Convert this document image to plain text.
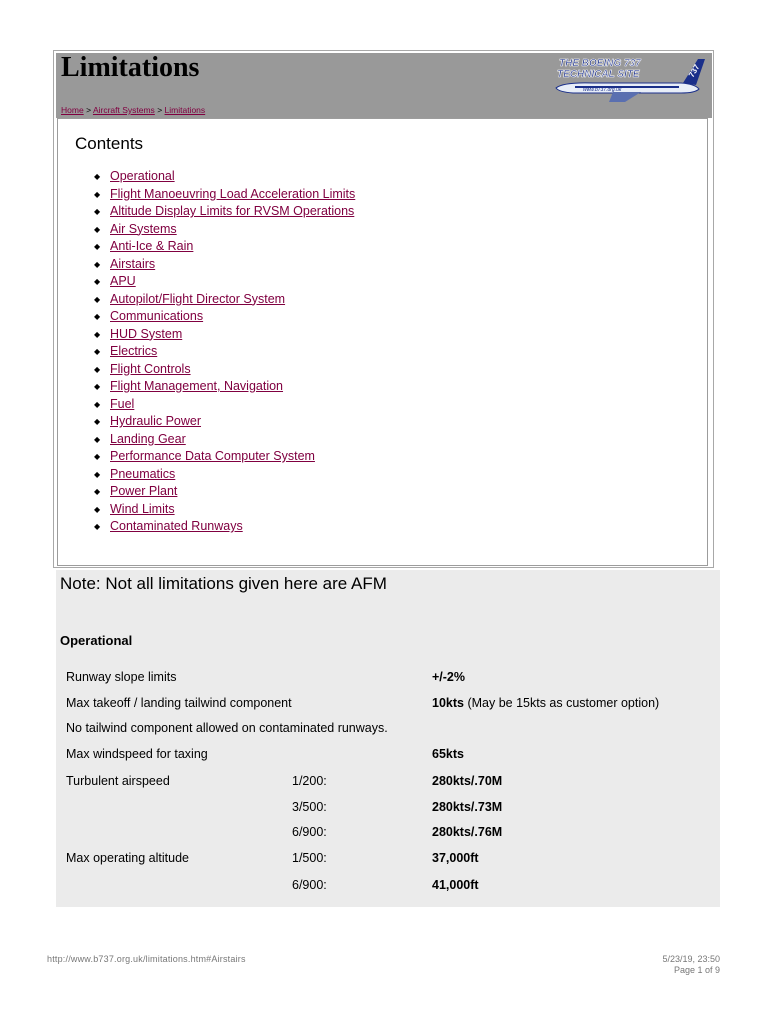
Limitations
Home > Aircraft Systems > Limitations
THE BOEING 737
TECHNICAL SITE	737
www.b737.org.uk
Contents
◆ Operational
◆ Flight Manoeuvring Load Acceleration Limits
◆ Altitude Display Limits for RVSM Operations
◆ Air Systems
◆ Anti-Ice & Rain
◆ Airstairs
◆ APU
◆ Autopilot/Flight Director System
◆ Communications
◆ HUD System
◆ Electrics
◆ Flight Controls
◆ Flight Management, Navigation
◆ Fuel
◆ Hydraulic Power
◆ Landing Gear
◆ Performance Data Computer System
◆ Pneumatics
◆ Power Plant
◆ Wind Limits
◆ Contaminated Runways
Note: Not all limitations given here are AFM
Operational
Runway slope limits	+/-2%
Max takeoff / landing tailwind component	10kts (May be 15kts as customer option)
No tailwind component allowed on contaminated runways.
Max windspeed for taxing	65kts
Turbulent airspeed	1/200:	280kts/.70M
3/500:	280kts/.73M
6/900:	280kts/.76M
Max operating altitude	1/500:	37,000ft
6/900:	41,000ft
http://www.b737.org.uk/limitations.htm#Airstairs	5/23/19, 23:50
Page 1 of 9
